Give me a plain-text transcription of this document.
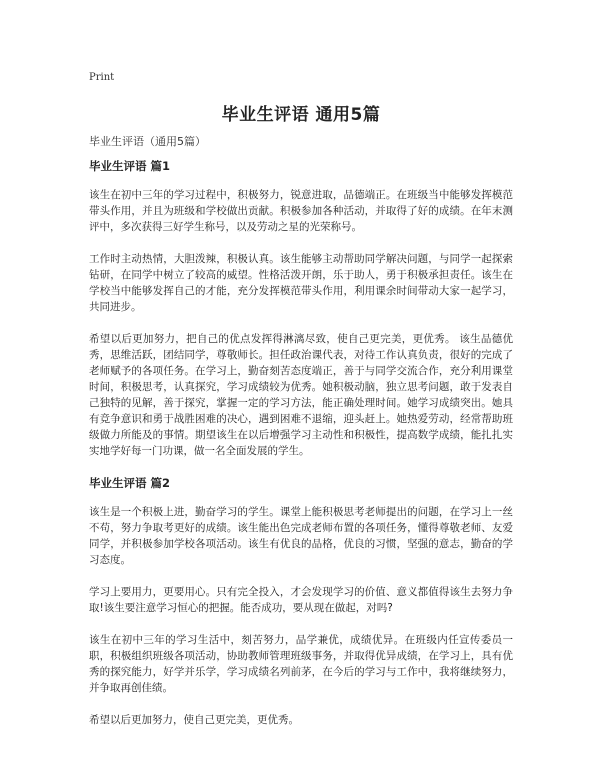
Print
毕业生评语 通用5篇
毕业生评语（通用5篇）
毕业生评语 篇1

该生在初中三年的学习过程中，积极努力，锐意进取，品德端正。在班级当中能够发挥模范带头作用，并且为班级和学校做出贡献。积极参加各种活动，并取得了好的成绩。在年末测评中，多次获得三好学生称号，以及劳动之星的光荣称号。

工作时主动热情，大胆泼辣，积极认真。该生能够主动帮助同学解决问题，与同学一起探索钻研，在同学中树立了较高的威望。性格活泼开朗，乐于助人，勇于积极承担责任。该生在学校当中能够发挥自己的才能，充分发挥模范带头作用，利用课余时间带动大家一起学习，共同进步。

希望以后更加努力，把自己的优点发挥得淋漓尽致，使自己更完美，更优秀。 该生品德优秀，思维活跃，团结同学，尊敬师长。担任政治课代表，对待工作认真负责，很好的完成了老师赋予的各项任务。在学习上，勤奋刻苦态度端正，善于与同学交流合作，充分利用课堂时间，积极思考，认真探究，学习成绩较为优秀。她积极动脑，独立思考问题，敢于发表自己独特的见解，善于探究，掌握一定的学习方法，能正确处理时间。她学习成绩突出。她具有竞争意识和勇于战胜困难的决心，遇到困难不退缩，迎头赶上。她热爱劳动，经常帮助班级做力所能及的事情。期望该生在以后增强学习主动性和积极性，提高数学成绩，能扎扎实实地学好每一门功课，做一名全面发展的学生。

毕业生评语 篇2

该生是一个积极上进，勤奋学习的学生。课堂上能积极思考老师提出的问题，在学习上一丝不苟，努力争取考更好的成绩。该生能出色完成老师布置的各项任务，懂得尊敬老师、友爱同学，并积极参加学校各项活动。该生有优良的品格，优良的习惯，坚强的意志，勤奋的学习态度。

学习上要用力，更要用心。只有完全投入，才会发现学习的价值、意义都值得该生去努力争取!该生要注意学习恒心的把握。能否成功，要从现在做起，对吗?

该生在初中三年的学习生活中，刻苦努力，品学兼优，成绩优异。在班级内任宣传委员一职，积极组织班级各项活动，协助教师管理班级事务，并取得优异成绩，在学习上，具有优秀的探究能力，好学并乐学，学习成绩名列前茅，在今后的学习与工作中，我将继续努力，并争取再创佳绩。

希望以后更加努力，使自己更完美，更优秀。
